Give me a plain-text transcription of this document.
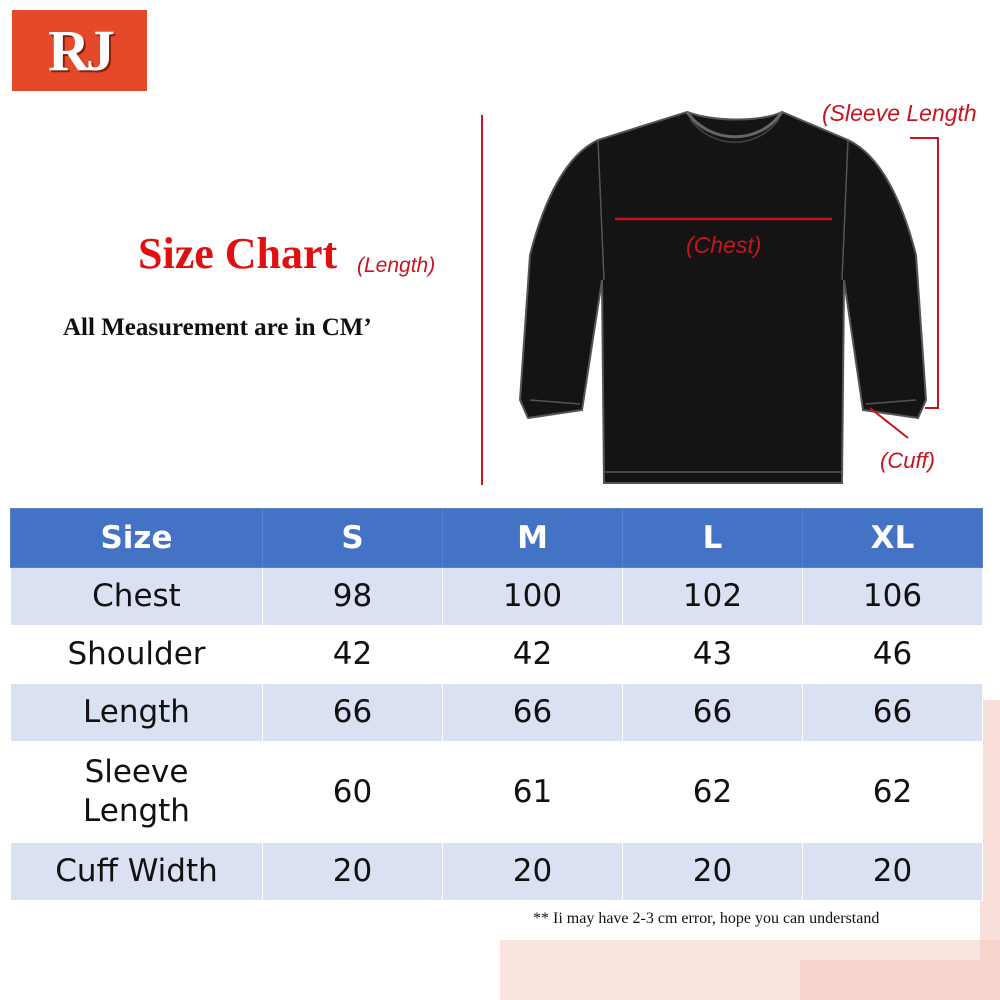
RJ
Size Chart
All Measurement are in CM’
(Length)
(Sleeve Length
(Chest)
(Cuff)
Size	S	M	L	XL
Chest	98	100	102	106
Shoulder	42	42	43	46
Length	66	66	66	66
Sleeve
Length	60	61	62	62
Cuff Width	20	20	20	20
** Ii may have 2-3 cm error, hope you can understand
